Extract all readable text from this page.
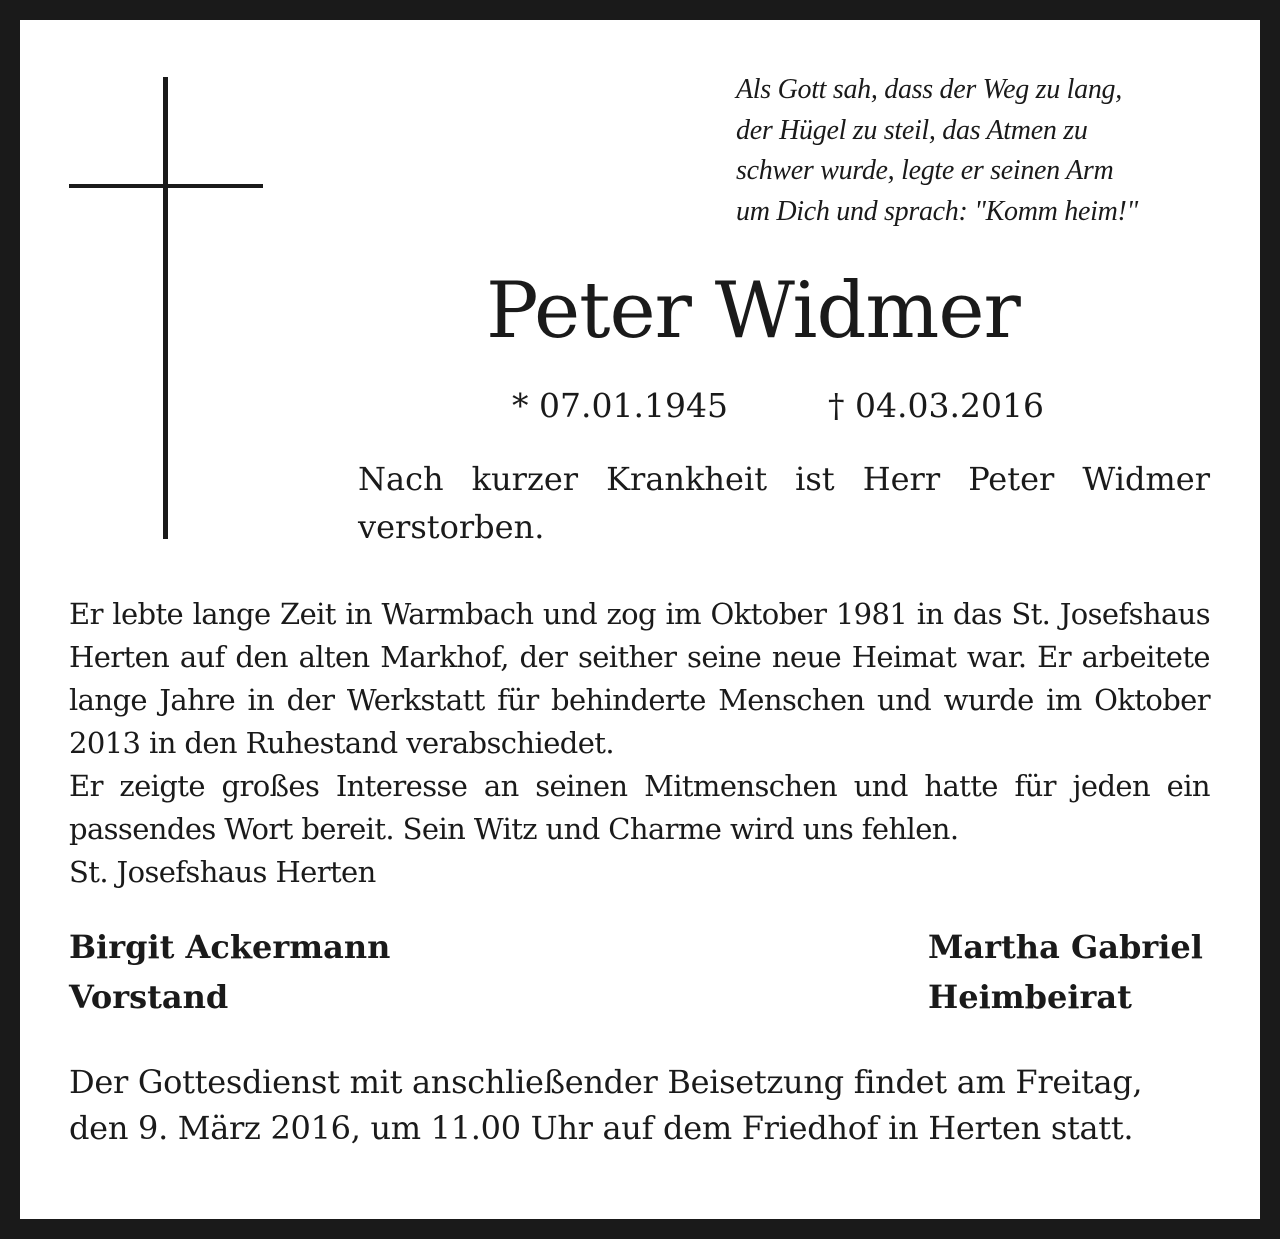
Als Gott sah, dass der Weg zu lang,
der Hügel zu steil, das Atmen zu
schwer wurde, legte er seinen Arm
um Dich und sprach: "Komm heim!"
Peter Widmer
* 07.01.1945	† 04.03.2016
Nach kurzer Krankheit ist Herr Peter Widmer verstorben.
Er lebte lange Zeit in Warmbach und zog im Oktober 1981 in das St. Josefshaus Herten auf den alten Markhof, der seither seine neue Heimat war. Er arbeitete lange Jahre in der Werkstatt für behinderte Menschen und wurde im Oktober 2013 in den Ruhestand verabschiedet.
Er zeigte großes Interesse an seinen Mitmenschen und hatte für jeden ein passendes Wort bereit. Sein Witz und Charme wird uns fehlen.
St. Josefshaus Herten
Birgit Ackermann
Vorstand
Martha Gabriel
Heimbeirat
Der Gottesdienst mit anschließender Beisetzung findet am Freitag,
den 9. März 2016, um 11.00 Uhr auf dem Friedhof in Herten statt.
